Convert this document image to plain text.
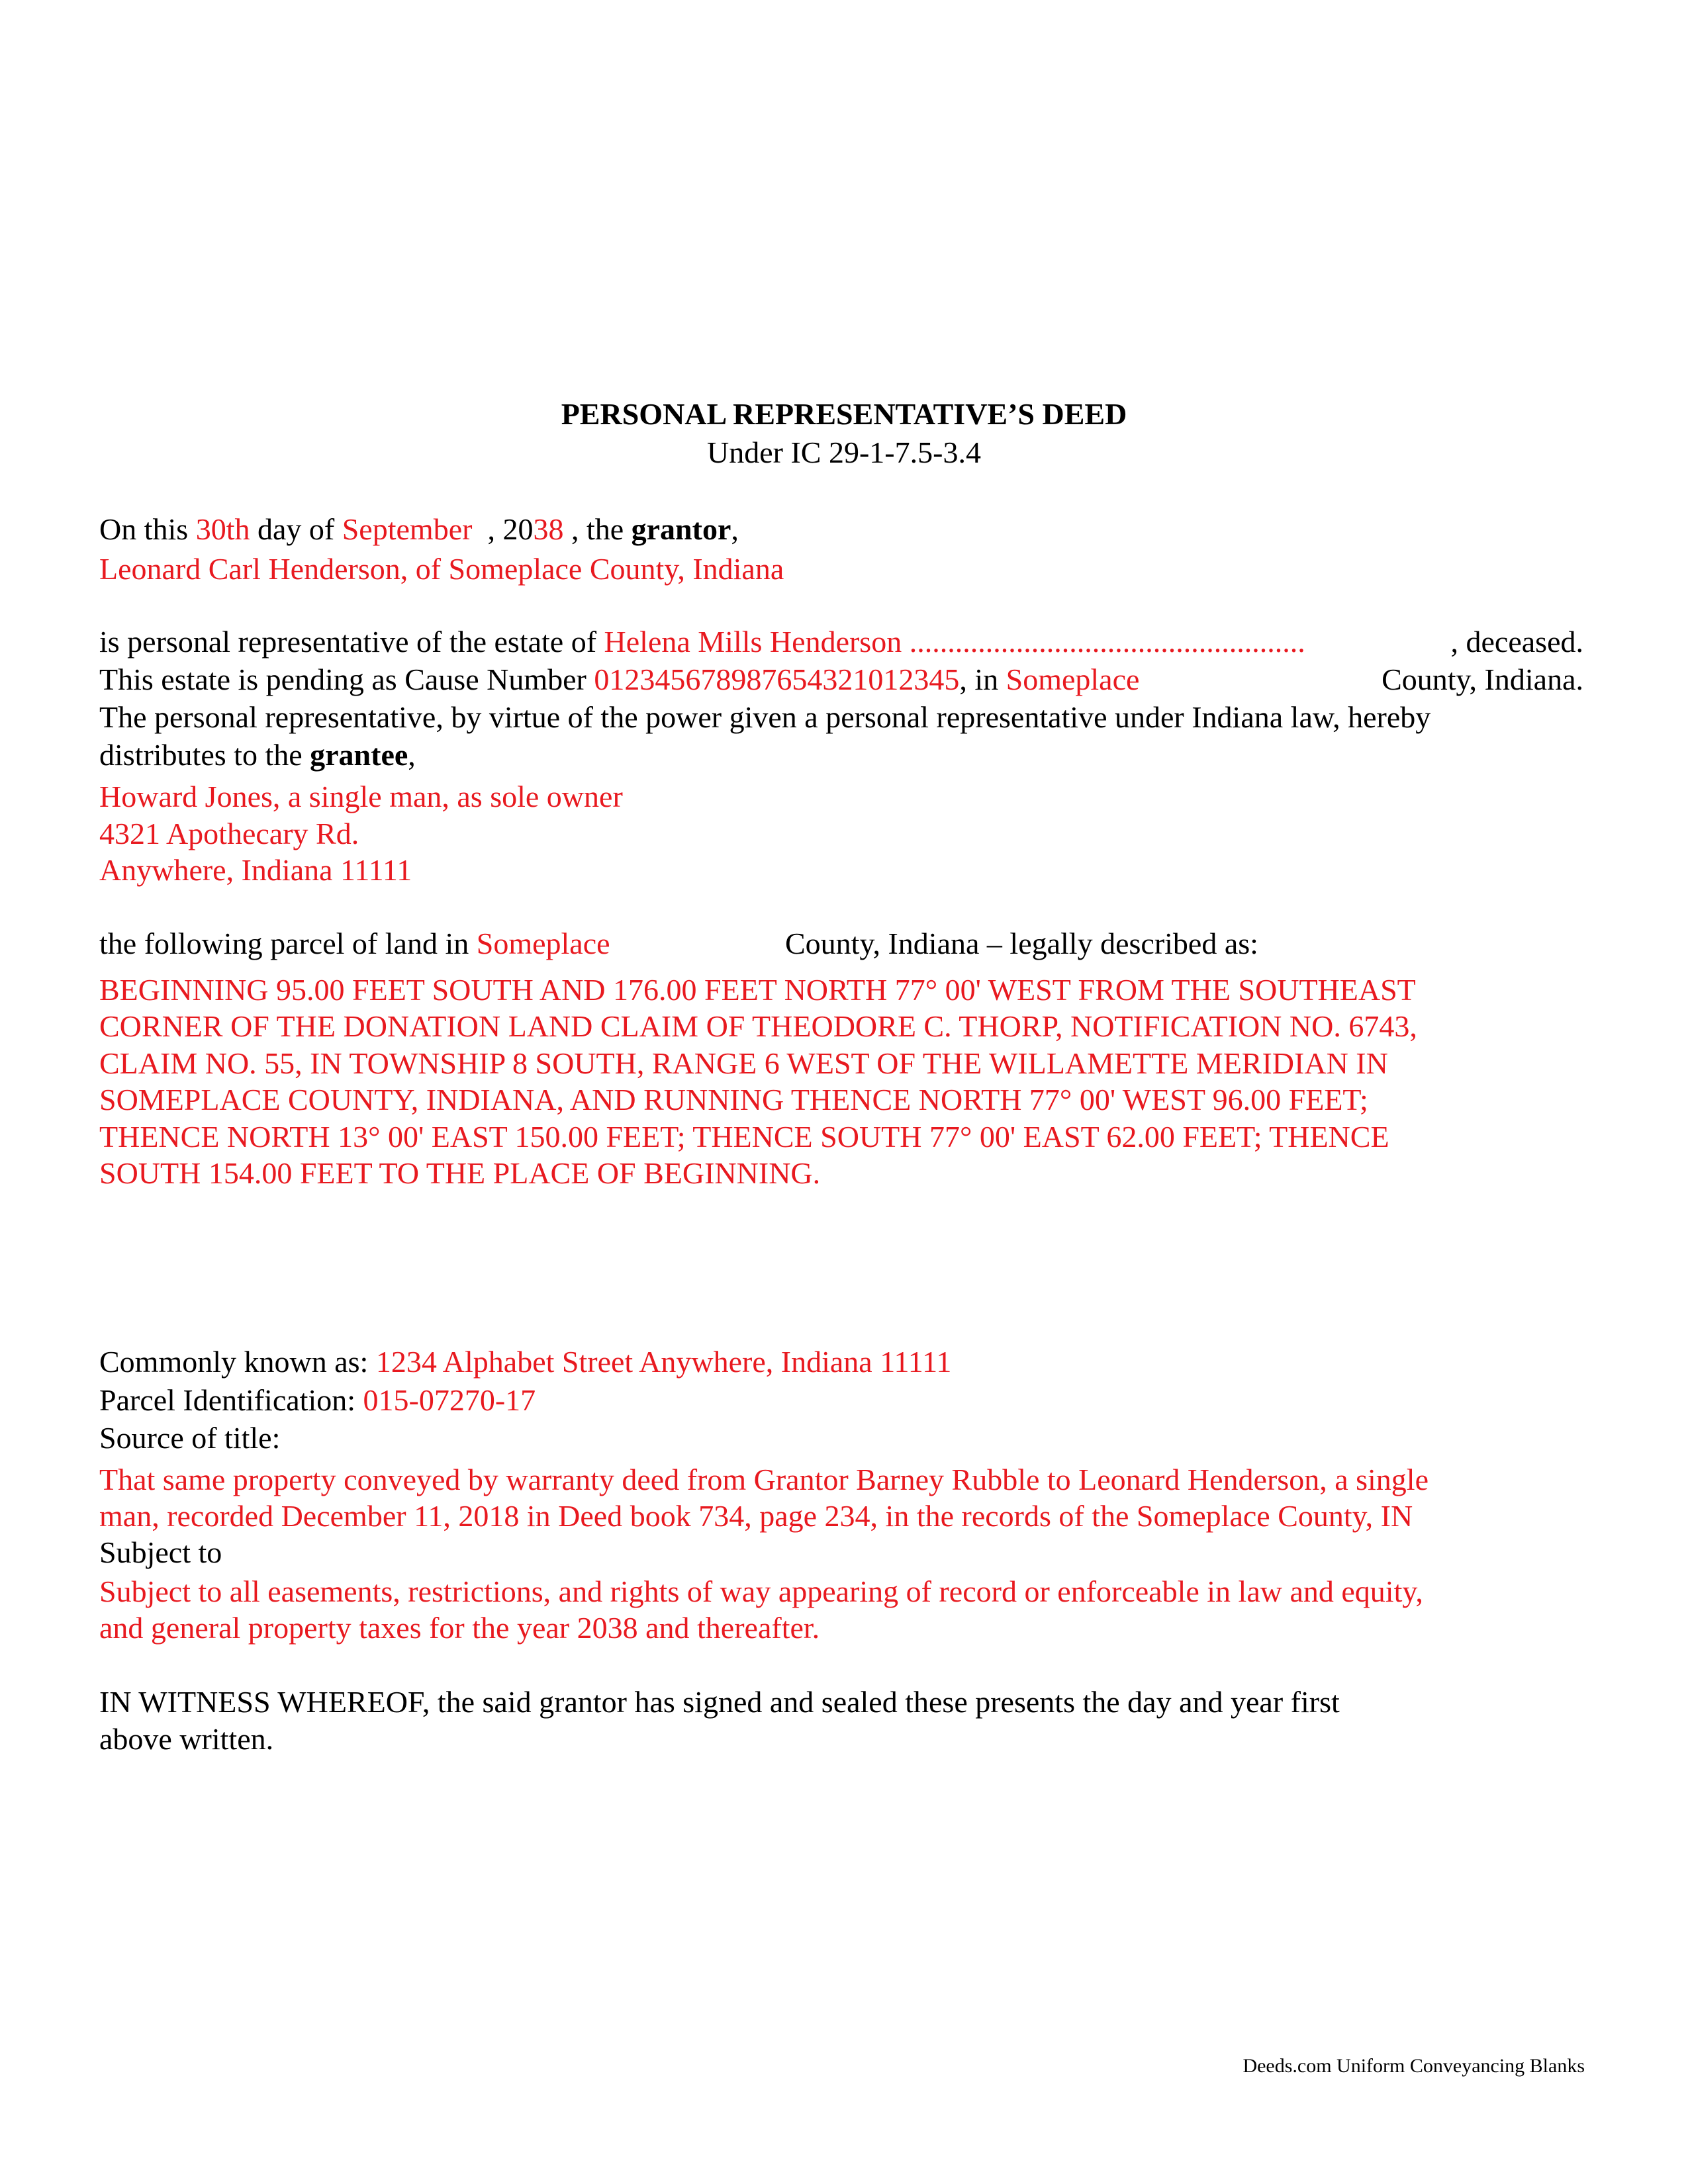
PERSONAL REPRESENTATIVE’S DEED
Under IC 29-1-7.5-3.4
On this 30th day of September , 2038 , the grantor,
Leonard Carl Henderson, of Someplace County, Indiana
is personal representative of the estate of Helena Mills Henderson ....................................................	, deceased.
This estate is pending as Cause Number 012345678987654321012345, in Someplace	County, Indiana.
The personal representative, by virtue of the power given a personal representative under Indiana law, hereby
distributes to the grantee,
Howard Jones, a single man, as sole owner
4321 Apothecary Rd.
Anywhere, Indiana 11111
the following parcel of land in Someplace	County, Indiana – legally described as:
BEGINNING 95.00 FEET SOUTH AND 176.00 FEET NORTH 77° 00' WEST FROM THE SOUTHEAST
CORNER OF THE DONATION LAND CLAIM OF THEODORE C. THORP, NOTIFICATION NO. 6743,
CLAIM NO. 55, IN TOWNSHIP 8 SOUTH, RANGE 6 WEST OF THE WILLAMETTE MERIDIAN IN
SOMEPLACE COUNTY, INDIANA, AND RUNNING THENCE NORTH 77° 00' WEST 96.00 FEET;
THENCE NORTH 13° 00' EAST 150.00 FEET; THENCE SOUTH 77° 00' EAST 62.00 FEET; THENCE
SOUTH 154.00 FEET TO THE PLACE OF BEGINNING.
Commonly known as: 1234 Alphabet Street Anywhere, Indiana 11111
Parcel Identification: 015-07270-17
Source of title:
That same property conveyed by warranty deed from Grantor Barney Rubble to Leonard Henderson, a single
man, recorded December 11, 2018 in Deed book 734, page 234, in the records of the Someplace County, IN
Subject to
Subject to all easements, restrictions, and rights of way appearing of record or enforceable in law and equity,
and general property taxes for the year 2038 and thereafter.
IN WITNESS WHEREOF, the said grantor has signed and sealed these presents the day and year first
above written.
Deeds.com Uniform Conveyancing Blanks
